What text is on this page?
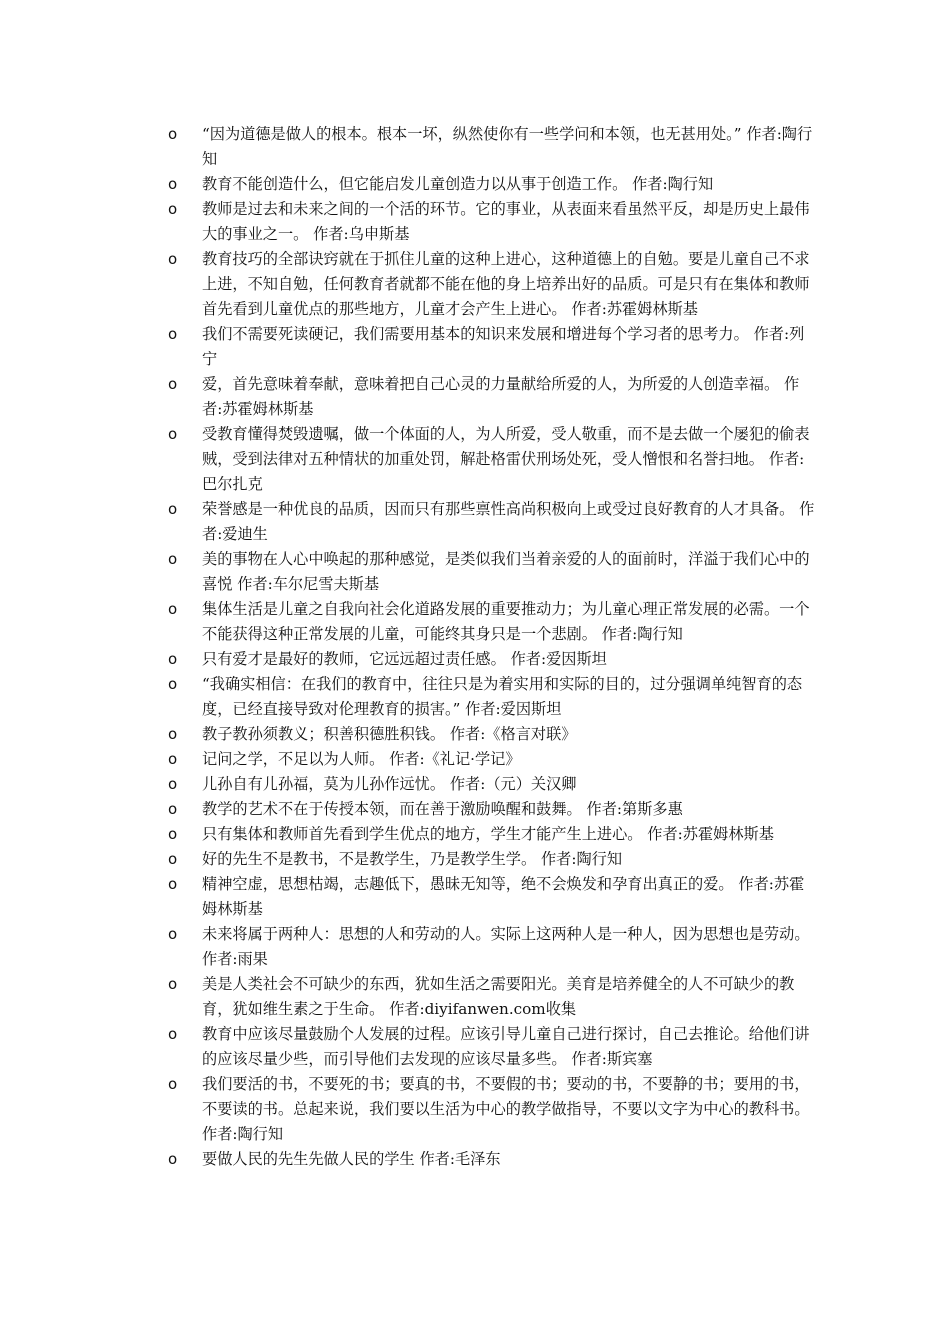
o	“因为道德是做人的根本。根本一坏，纵然使你有一些学问和本领，也无甚用处。” 作者:陶行知
o	教育不能创造什么，但它能启发儿童创造力以从事于创造工作。 作者:陶行知
o	教师是过去和未来之间的一个活的环节。它的事业，从表面来看虽然平反，却是历史上最伟大的事业之一。 作者:乌申斯基
o	教育技巧的全部诀窍就在于抓住儿童的这种上进心，这种道德上的自勉。要是儿童自己不求上进，不知自勉，任何教育者就都不能在他的身上培养出好的品质。可是只有在集体和教师首先看到儿童优点的那些地方，儿童才会产生上进心。 作者:苏霍姆林斯基
o	我们不需要死读硬记，我们需要用基本的知识来发展和增进每个学习者的思考力。 作者:列宁
o	爱，首先意味着奉献，意味着把自己心灵的力量献给所爱的人，为所爱的人创造幸福。 作者:苏霍姆林斯基
o	受教育懂得焚毁遗嘱，做一个体面的人，为人所爱，受人敬重，而不是去做一个屡犯的偷表贼，受到法律对五种情状的加重处罚，解赴格雷伏刑场处死，受人憎恨和名誉扫地。 作者:巴尔扎克
o	荣誉感是一种优良的品质，因而只有那些禀性高尚积极向上或受过良好教育的人才具备。 作者:爱迪生
o	美的事物在人心中唤起的那种感觉，是类似我们当着亲爱的人的面前时，洋溢于我们心中的喜悦 作者:车尔尼雪夫斯基
o	集体生活是儿童之自我向社会化道路发展的重要推动力；为儿童心理正常发展的必需。一个不能获得这种正常发展的儿童，可能终其身只是一个悲剧。 作者:陶行知
o	只有爱才是最好的教师，它远远超过责任感。 作者:爱因斯坦
o	“我确实相信：在我们的教育中，往往只是为着实用和实际的目的，过分强调单纯智育的态度，已经直接导致对伦理教育的损害。” 作者:爱因斯坦
o	教子教孙须教义；积善积德胜积钱。 作者:《格言对联》
o	记问之学，不足以为人师。 作者:《礼记·学记》
o	儿孙自有儿孙福，莫为儿孙作远忧。 作者:（元）关汉卿
o	教学的艺术不在于传授本领，而在善于激励唤醒和鼓舞。 作者:第斯多惠
o	只有集体和教师首先看到学生优点的地方，学生才能产生上进心。 作者:苏霍姆林斯基
o	好的先生不是教书，不是教学生，乃是教学生学。 作者:陶行知
o	精神空虚，思想枯竭，志趣低下，愚昧无知等，绝不会焕发和孕育出真正的爱。 作者:苏霍姆林斯基
o	未来将属于两种人：思想的人和劳动的人。实际上这两种人是一种人，因为思想也是劳动。 作者:雨果
o	美是人类社会不可缺少的东西，犹如生活之需要阳光。美育是培养健全的人不可缺少的教育，犹如维生素之于生命。 作者:diyifanwen.com收集
o	教育中应该尽量鼓励个人发展的过程。应该引导儿童自己进行探讨，自己去推论。给他们讲的应该尽量少些，而引导他们去发现的应该尽量多些。 作者:斯宾塞
o	我们要活的书，不要死的书；要真的书，不要假的书；要动的书，不要静的书；要用的书，不要读的书。总起来说，我们要以生活为中心的教学做指导，不要以文字为中心的教科书。 作者:陶行知
o	要做人民的先生先做人民的学生 作者:毛泽东
